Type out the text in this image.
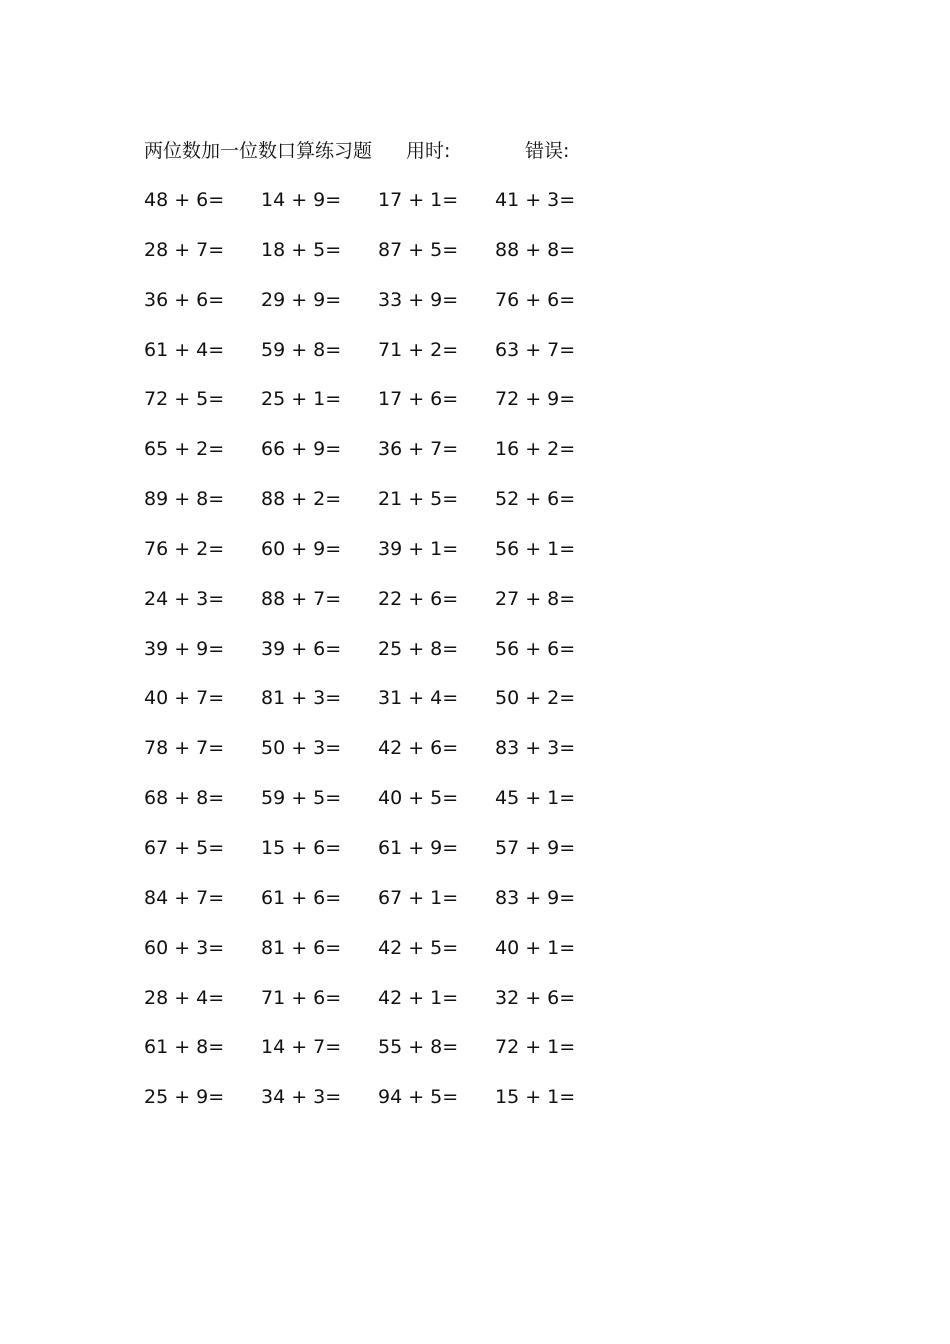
两位数加一位数口算练习题 用时:	错误:
48 + 6= 14 + 9= 17 + 1= 41 + 3=
28 + 7= 18 + 5= 87 + 5= 88 + 8=
36 + 6= 29 + 9= 33 + 9= 76 + 6=
61 + 4= 59 + 8= 71 + 2= 63 + 7=
72 + 5= 25 + 1= 17 + 6= 72 + 9=
65 + 2= 66 + 9= 36 + 7= 16 + 2=
89 + 8= 88 + 2= 21 + 5= 52 + 6=
76 + 2= 60 + 9= 39 + 1= 56 + 1=
24 + 3= 88 + 7= 22 + 6= 27 + 8=
39 + 9= 39 + 6= 25 + 8= 56 + 6=
40 + 7= 81 + 3= 31 + 4= 50 + 2=
78 + 7= 50 + 3= 42 + 6= 83 + 3=
68 + 8= 59 + 5= 40 + 5= 45 + 1=
67 + 5= 15 + 6= 61 + 9= 57 + 9=
84 + 7= 61 + 6= 67 + 1= 83 + 9=
60 + 3= 81 + 6= 42 + 5= 40 + 1=
28 + 4= 71 + 6= 42 + 1= 32 + 6=
61 + 8= 14 + 7= 55 + 8= 72 + 1=
25 + 9= 34 + 3= 94 + 5= 15 + 1=
